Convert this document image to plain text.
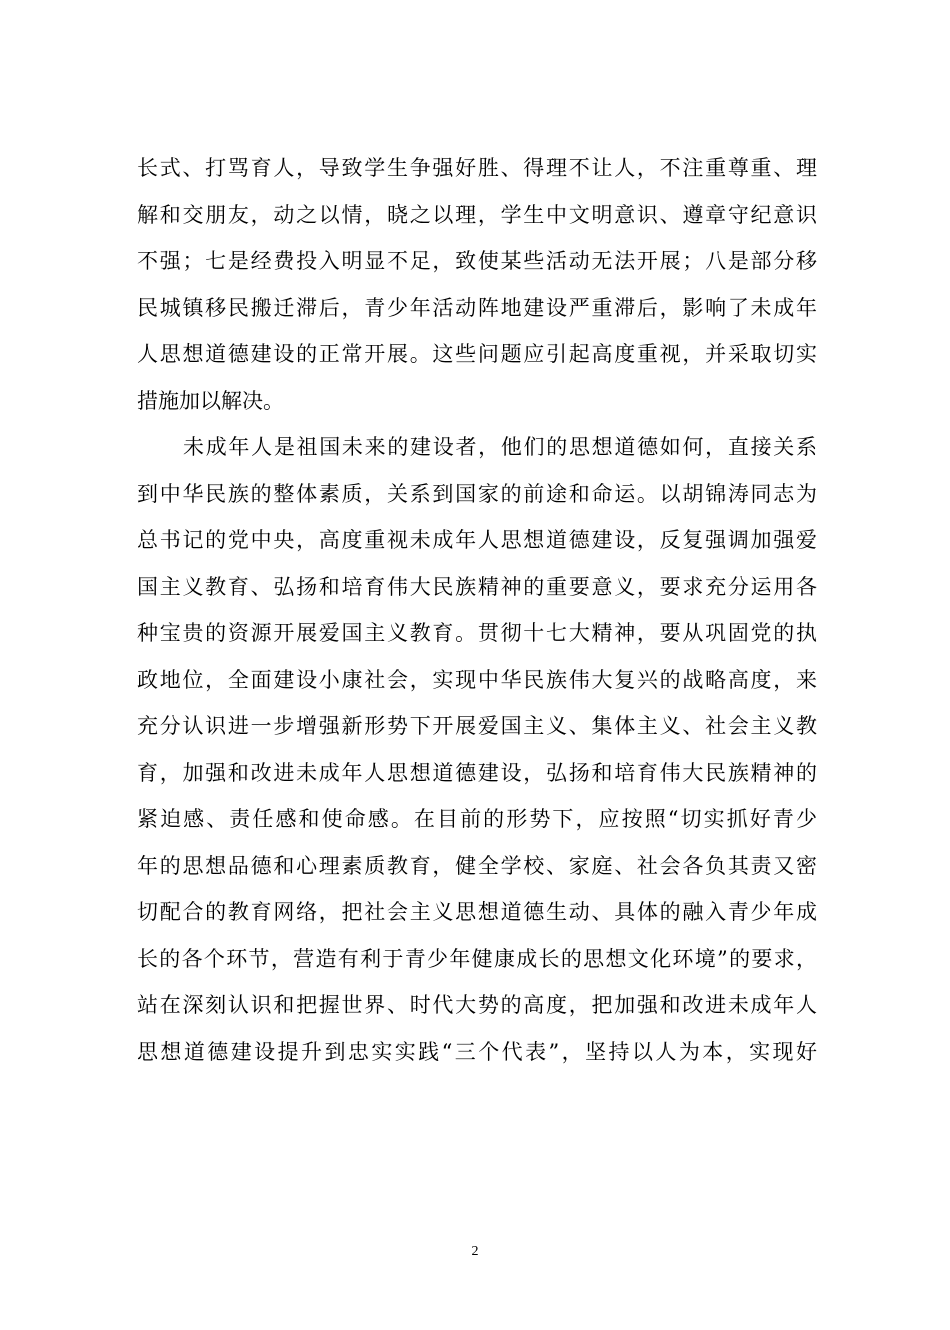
长式、打骂育人，导致学生争强好胜、得理不让人，不注重尊重、理
解和交朋友，动之以情，晓之以理，学生中文明意识、遵章守纪意识
不强；七是经费投入明显不足，致使某些活动无法开展；八是部分移
民城镇移民搬迁滞后，青少年活动阵地建设严重滞后，影响了未成年
人思想道德建设的正常开展。这些问题应引起高度重视，并采取切实
措施加以解决。
未成年人是祖国未来的建设者，他们的思想道德如何，直接关系
到中华民族的整体素质，关系到国家的前途和命运。以胡锦涛同志为
总书记的党中央，高度重视未成年人思想道德建设，反复强调加强爱
国主义教育、弘扬和培育伟大民族精神的重要意义，要求充分运用各
种宝贵的资源开展爱国主义教育。贯彻十七大精神，要从巩固党的执
政地位，全面建设小康社会，实现中华民族伟大复兴的战略高度，来
充分认识进一步增强新形势下开展爱国主义、集体主义、社会主义教
育，加强和改进未成年人思想道德建设，弘扬和培育伟大民族精神的
紧迫感、责任感和使命感。在目前的形势下，应按照“切实抓好青少
年的思想品德和心理素质教育，健全学校、家庭、社会各负其责又密
切配合的教育网络，把社会主义思想道德生动、具体的融入青少年成
长的各个环节，营造有利于青少年健康成长的思想文化环境”的要求，
站在深刻认识和把握世界、时代大势的高度，把加强和改进未成年人
思想道德建设提升到忠实实践“三个代表”，坚持以人为本，实现好
2
